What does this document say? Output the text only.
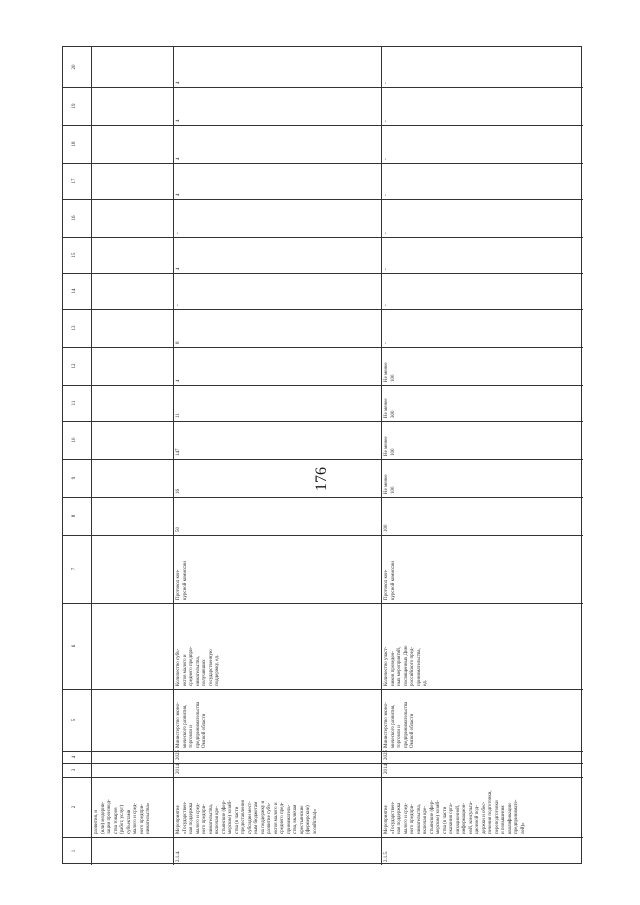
176
1
2
3
4
5
6
7
8
9
10
11
12
13
14
15
16
17
18
19
20
развития, и (или) модерни- зации производ- ства товаров (работ, услуг) субъектами малого и сред- него предпри- нимательства»
2.1.4.
Мероприятие «Государствен- ная поддержка малого и сред- него предпри- нимательства, включая кре- стьянские (фер- мерские) хозяй- ства (в части предоставления субсидии мест- ным бюджетам на поддержку и развитие субъ- ектов малого и среднего пред- приниматель- ства, включая крестьянские (фермерские) хозяйства)»
2014
2025
Министерство эконо- мического развития, торговли и предпринимательства Омской области
Количество субъ- ектов малого и среднего предпри- нимательства, получивших государственную поддержку, ед.
Протокол кон- курсной комиссии
50
16
147
11
4
8
-
4
-
4
4
4
4
2.1.5.
Мероприятие «Государствен- ная поддержка малого и сред- него предпри- нимательства, включая кре- стьянские (фер- мерские) хозяй- ства (в части оказания орга- низационной, информацион- ной, консульта- ционной под- держки и обес- печения подготовки, переподготовки и повышения квалификации предпринимате- лей)»
2014
2025
Министерство эконо- мического развития, торговли и предпринимательства Омской области
Количество участ- ников проведен- ных мероприятий, посвященных Дню российского пред- принимательства, ед.
Протокол кон- курсной комиссии
100
Не менее 100
Не менее 100
Не менее 300
Не менее 100
-
-
-
-
-
-
-
-
